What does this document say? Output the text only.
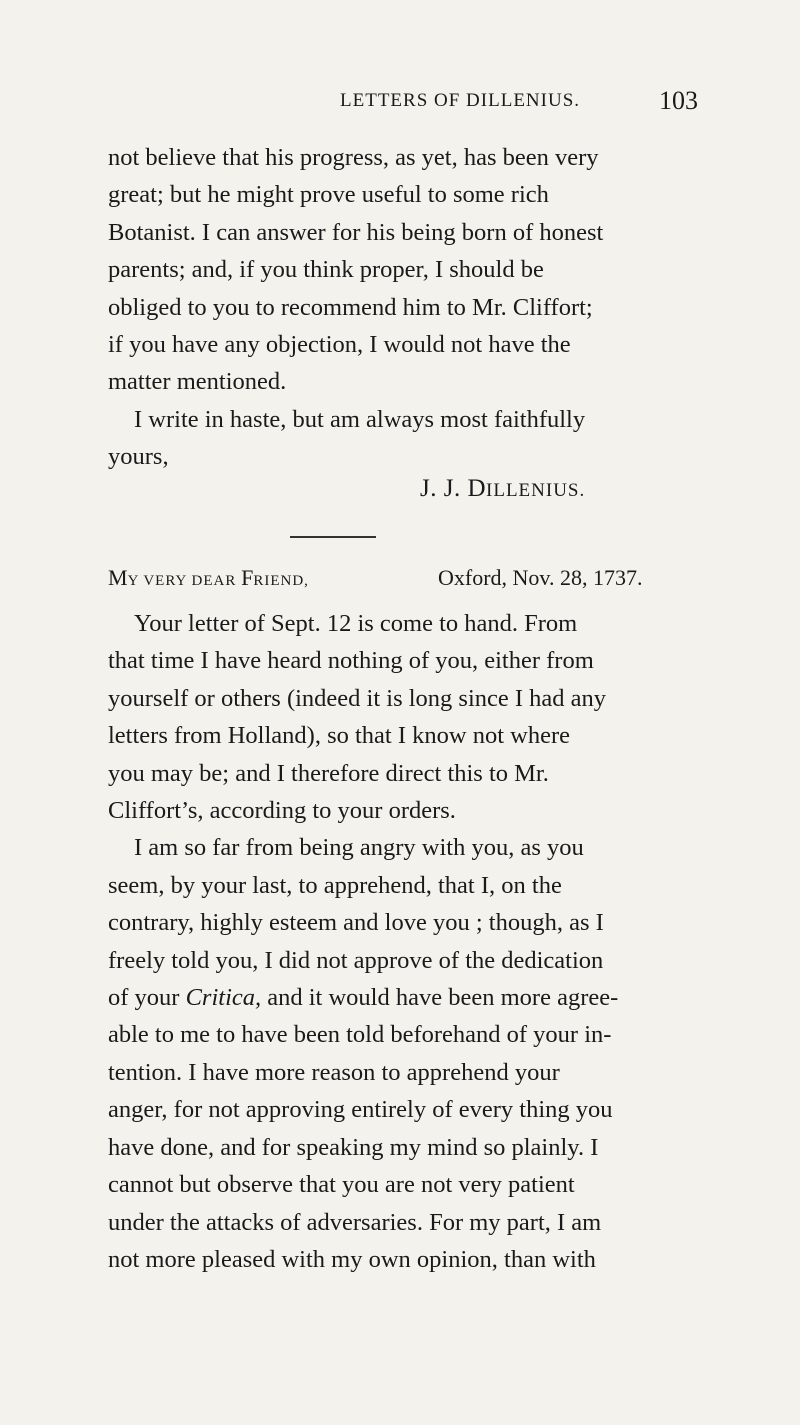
LETTERS OF DILLENIUS.	103

not believe that his progress, as yet, has been very

great; but he might prove useful to some rich

Botanist. I can answer for his being born of honest

parents; and, if you think proper, I should be

obliged to you to recommend him to Mr. Cliffort;

if you have any objection, I would not have the

matter mentioned.

I write in haste, but am always most faithfully

yours,

J. J. DILLENIUS.
MY VERY DEAR FRIEND,	Oxford, Nov. 28, 1737.

Your letter of Sept. 12 is come to hand. From

that time I have heard nothing of you, either from

yourself or others (indeed it is long since I had any

letters from Holland), so that I know not where

you may be; and I therefore direct this to Mr.

Cliffort’s, according to your orders.

I am so far from being angry with you, as you

seem, by your last, to apprehend, that I, on the

contrary, highly esteem and love you ; though, as I

freely told you, I did not approve of the dedication

of your Critica, and it would have been more agree-

able to me to have been told beforehand of your in-

tention. I have more reason to apprehend your

anger, for not approving entirely of every thing you

have done, and for speaking my mind so plainly. I

cannot but observe that you are not very patient

under the attacks of adversaries. For my part, I am

not more pleased with my own opinion, than with
